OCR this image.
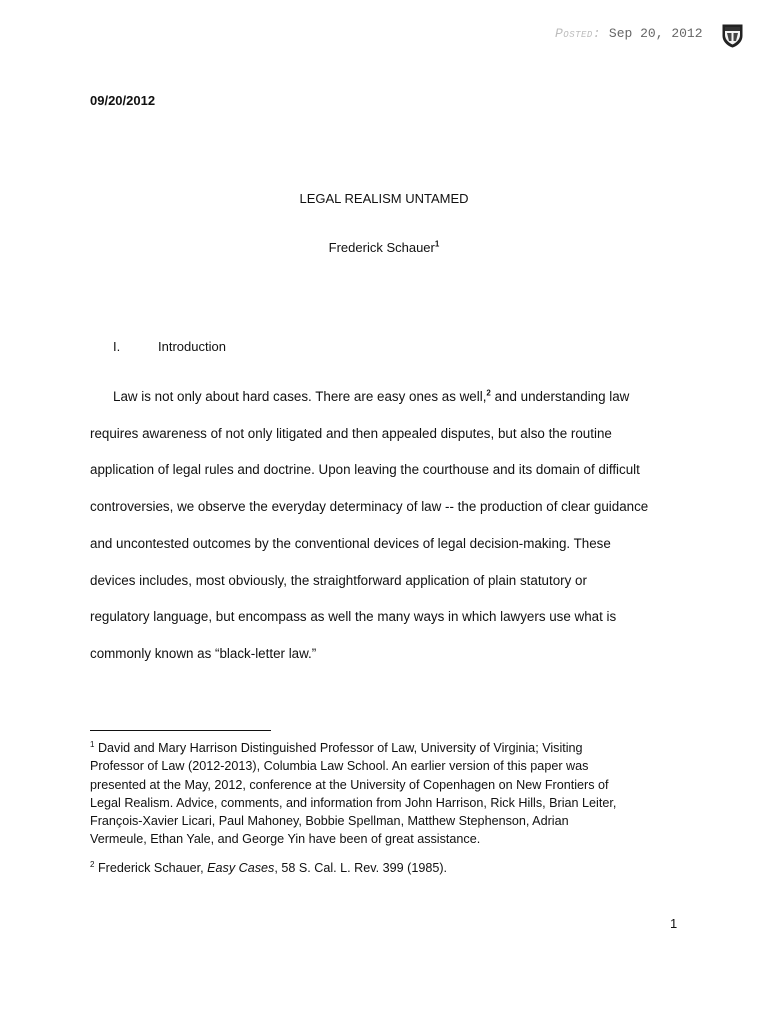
Posted: Sep 20, 2012
09/20/2012
LEGAL REALISM UNTAMED
Frederick Schauer$^1$
I.	Introduction
Law is not only about hard cases. There are easy ones as well,$^2$ and understanding law
requires awareness of not only litigated and then appealed disputes, but also the routine
application of legal rules and doctrine. Upon leaving the courthouse and its domain of difficult
controversies, we observe the everyday determinacy of law -- the production of clear guidance
and uncontested outcomes by the conventional devices of legal decision-making. These
devices includes, most obviously, the straightforward application of plain statutory or
regulatory language, but encompass as well the many ways in which lawyers use what is
commonly known as “black-letter law.”
$^1$ David and Mary Harrison Distinguished Professor of Law, University of Virginia; Visiting
Professor of Law (2012-2013), Columbia Law School. An earlier version of this paper was
presented at the May, 2012, conference at the University of Copenhagen on New Frontiers of
Legal Realism. Advice, comments, and information from John Harrison, Rick Hills, Brian Leiter,
François-Xavier Licari, Paul Mahoney, Bobbie Spellman, Matthew Stephenson, Adrian
Vermeule, Ethan Yale, and George Yin have been of great assistance.
$^2$ Frederick Schauer, Easy Cases, 58 S. Cal. L. Rev. 399 (1985).
1
